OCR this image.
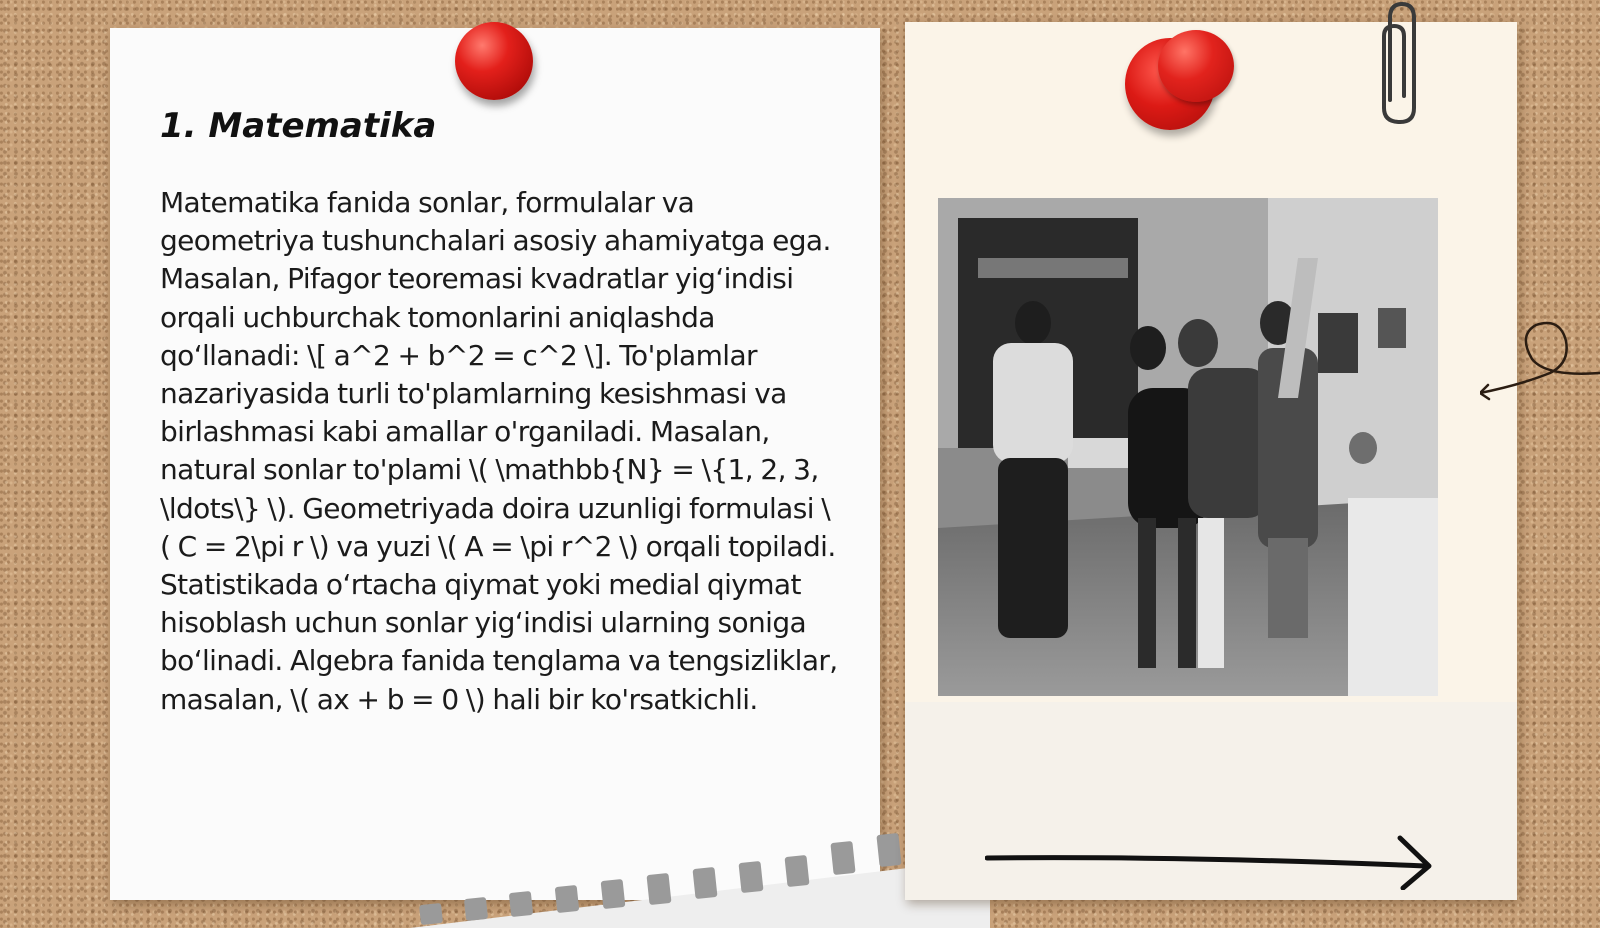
1. Matematika

Matematika fanida sonlar, formulalar va geometriya tushunchalari asosiy ahamiyatga ega. Masalan, Pifagor teoremasi kvadratlar yig‘indisi orqali uchburchak tomonlarini aniqlashda qo‘llanadi: \[ a^2 + b^2 = c^2 \]. To'plamlar nazariyasida turli to'plamlarning kesishmasi va birlashmasi kabi amallar o'rganiladi. Masalan, natural sonlar to'plami \( \mathbb{N} = \{1, 2, 3, \ldots\} \). Geometriyada doira uzunligi formulasi \( C = 2\pi r \) va yuzi \( A = \pi r^2 \) orqali topiladi. Statistikada o‘rtacha qiymat yoki medial qiymat hisoblash uchun sonlar yig‘indisi ularning soniga bo‘linadi. Algebra fanida tenglama va tengsizliklar, masalan, \( ax + b = 0 \) hali bir ko'rsatkichli.
